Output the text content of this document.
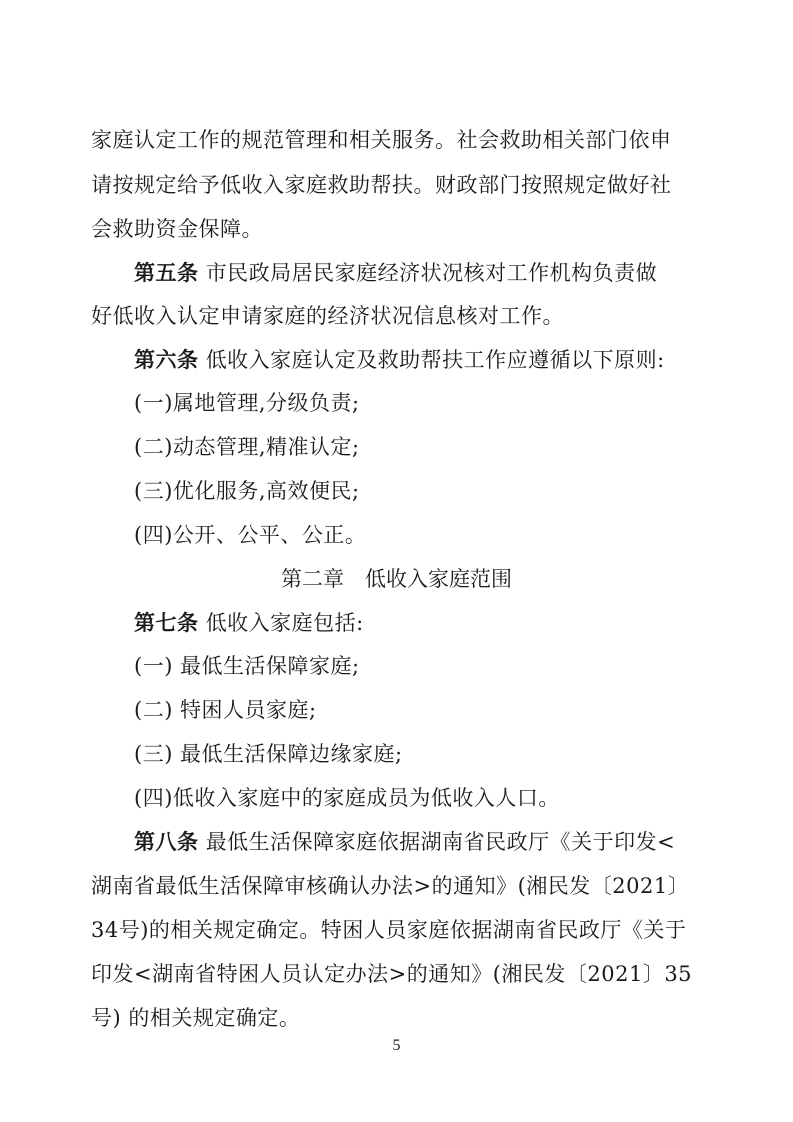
家庭认定工作的规范管理和相关服务。社会救助相关部门依申
请按规定给予低收入家庭救助帮扶。财政部门按照规定做好社
会救助资金保障。
第五条 市民政局居民家庭经济状况核对工作机构负责做
好低收入认定申请家庭的经济状况信息核对工作。
第六条 低收入家庭认定及救助帮扶工作应遵循以下原则:
(一)属地管理,分级负责;
(二)动态管理,精准认定;
(三)优化服务,高效便民;
(四)公开、公平、公正。
第二章　低收入家庭范围
第七条 低收入家庭包括:
(一) 最低生活保障家庭;
(二) 特困人员家庭;
(三) 最低生活保障边缘家庭;
(四)低收入家庭中的家庭成员为低收入人口。
第八条 最低生活保障家庭依据湖南省民政厅《关于印发<
湖南省最低生活保障审核确认办法>的通知》(湘民发〔2021〕
34号)的相关规定确定。特困人员家庭依据湖南省民政厅《关于
印发<湖南省特困人员认定办法>的通知》(湘民发〔2021〕35
号) 的相关规定确定。
5
